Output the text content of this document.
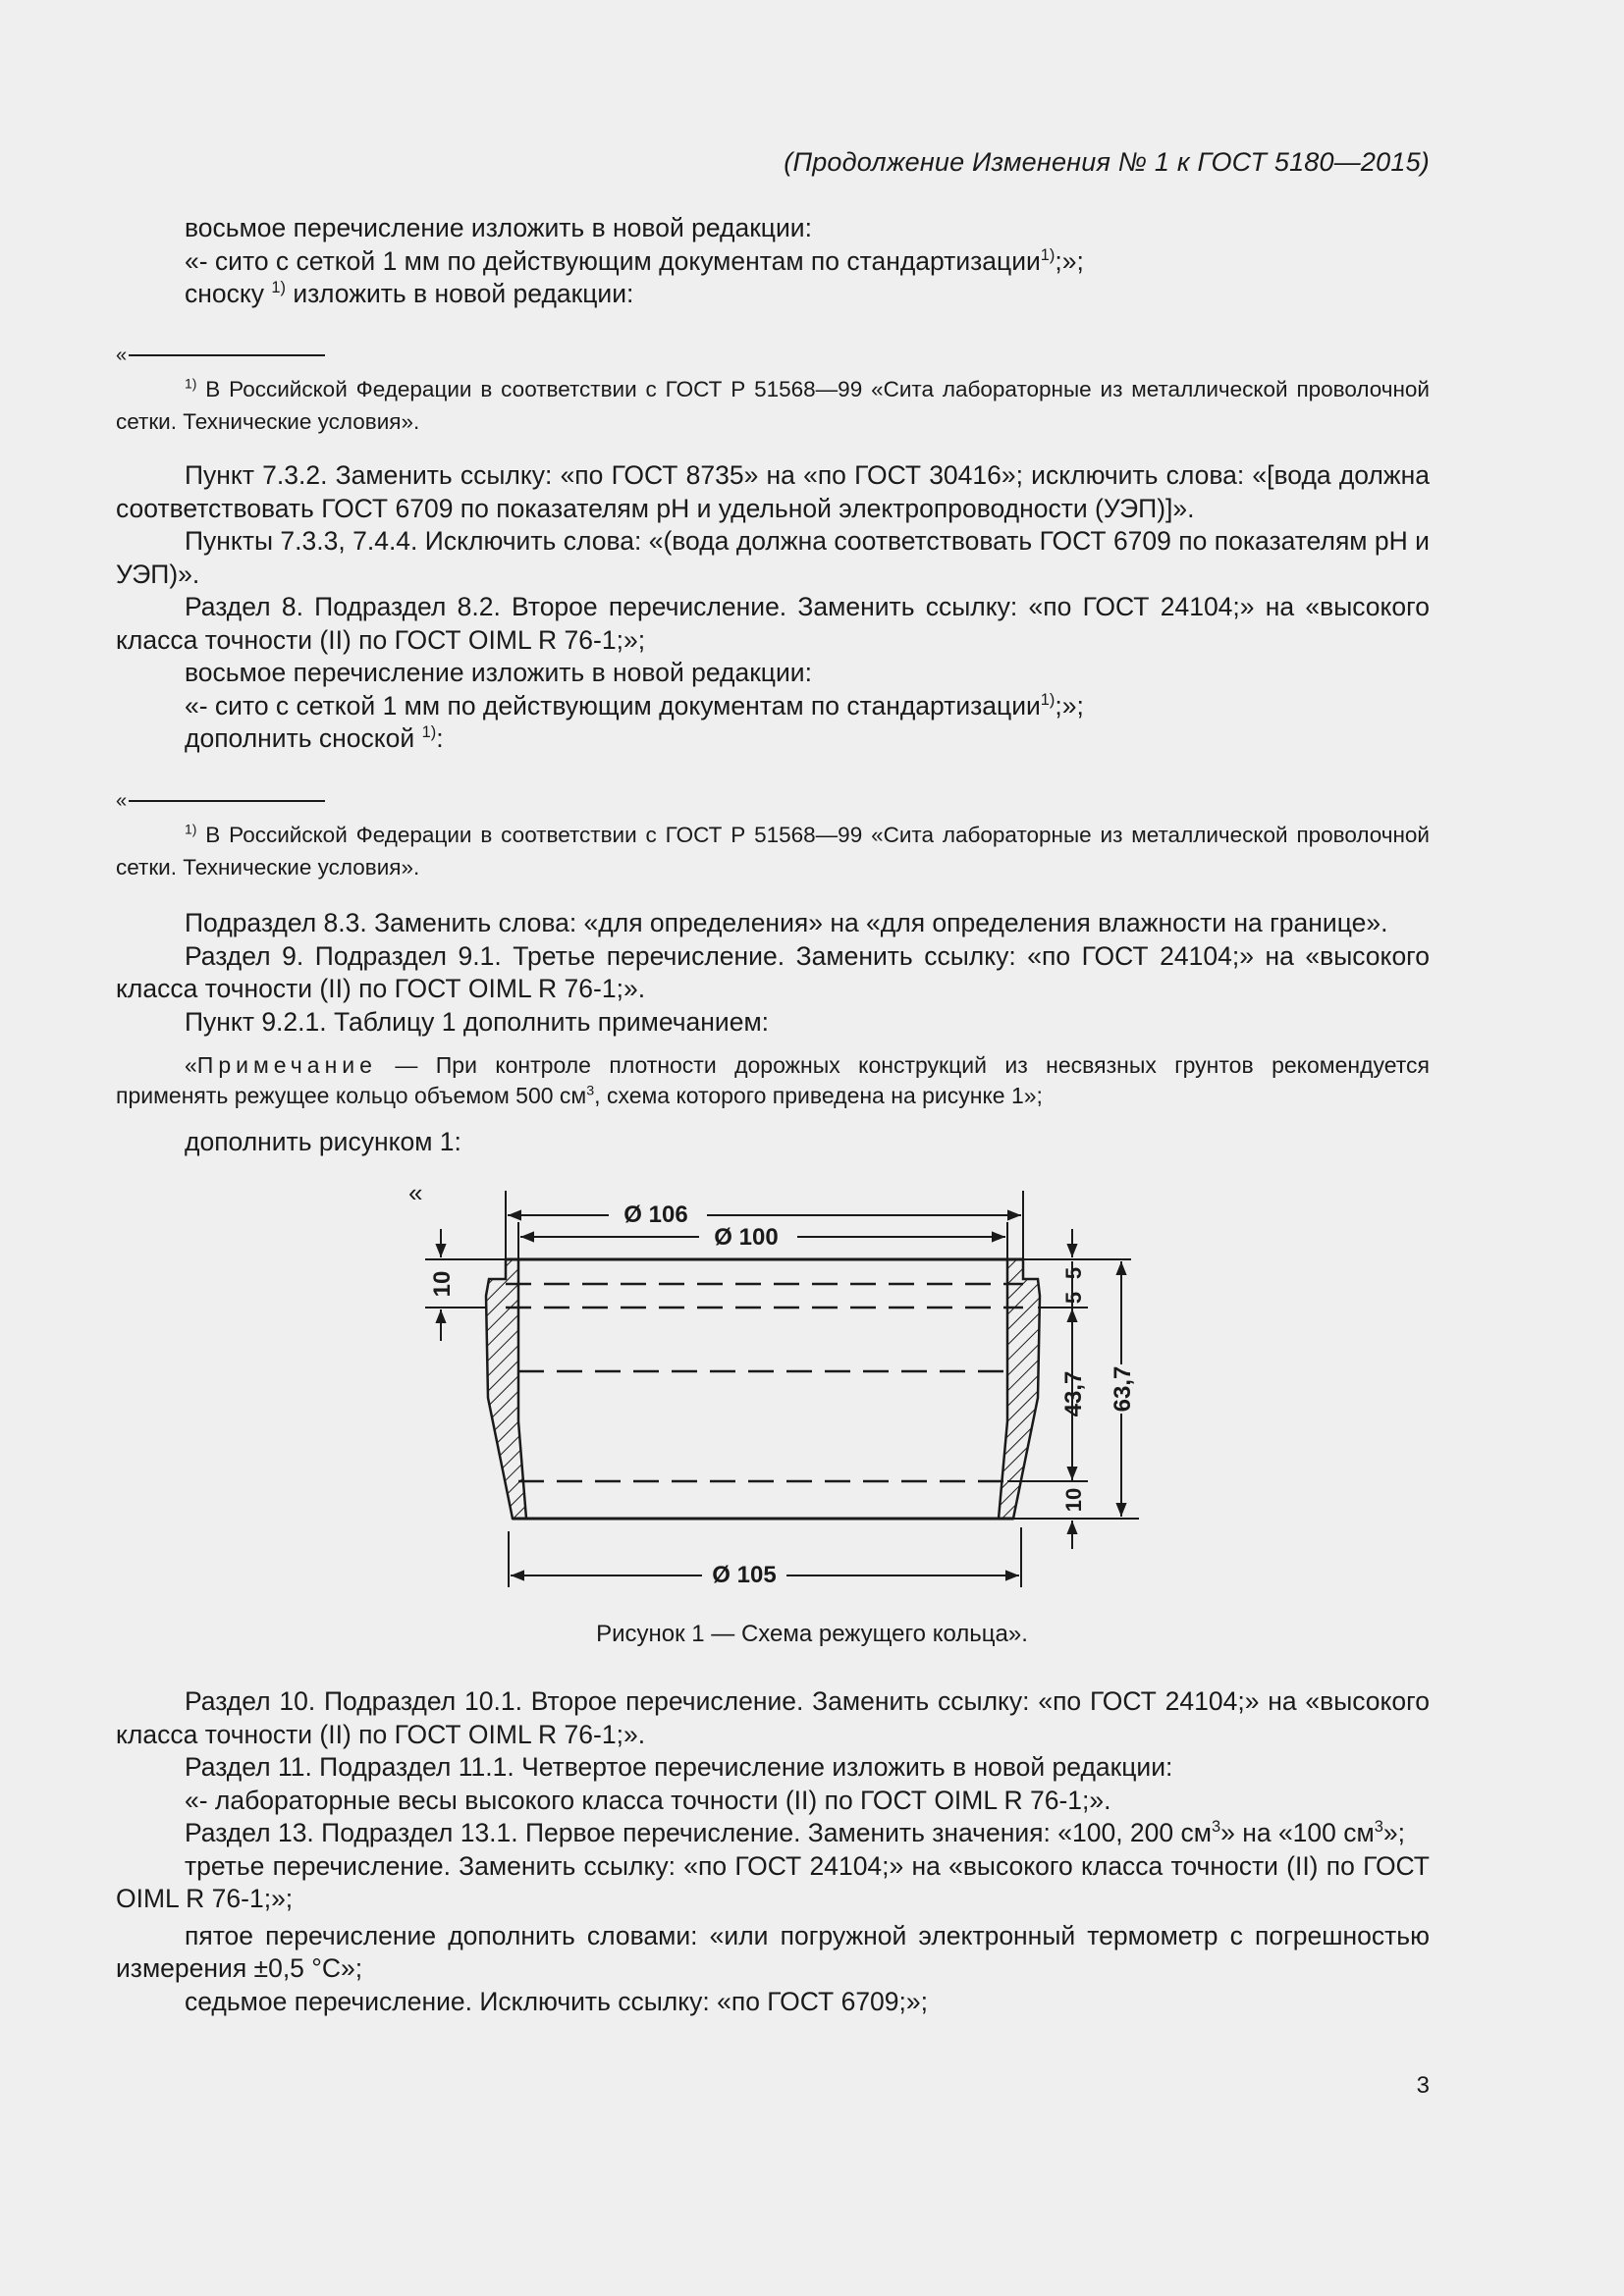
(Продолжение Изменения № 1 к ГОСТ 5180—2015)
восьмое перечисление изложить в новой редакции:
«- сито с сеткой 1 мм по действующим документам по стандартизации$^{1)}$;»;
сноску $^{1)}$ изложить в новой редакции:
«
$^{1)}$ В Российской Федерации в соответствии с ГОСТ Р 51568—99 «Сита лабораторные из металлической проволочной сетки. Технические условия».
Пункт 7.3.2. Заменить ссылку: «по ГОСТ 8735» на «по ГОСТ 30416»; исключить слова: «[вода должна соответствовать ГОСТ 6709 по показателям pH и удельной электропроводности (УЭП)]».
Пункты 7.3.3, 7.4.4. Исключить слова: «(вода должна соответствовать ГОСТ 6709 по показателям pH и УЭП)».
Раздел 8. Подраздел 8.2. Второе перечисление. Заменить ссылку: «по ГОСТ 24104;» на «высокого класса точности (II) по ГОСТ OIML R 76-1;»;
восьмое перечисление изложить в новой редакции:
«- сито с сеткой 1 мм по действующим документам по стандартизации$^{1)}$;»;
дополнить сноской $^{1)}$:
«
$^{1)}$ В Российской Федерации в соответствии с ГОСТ Р 51568—99 «Сита лабораторные из металлической проволочной сетки. Технические условия».
Подраздел 8.3. Заменить слова: «для определения» на «для определения влажности на границе».
Раздел 9. Подраздел 9.1. Третье перечисление. Заменить ссылку: «по ГОСТ 24104;» на «высокого класса точности (II) по ГОСТ OIML R 76-1;».
Пункт 9.2.1. Таблицу 1 дополнить примечанием:
«Примечание — При контроле плотности дорожных конструкций из несвязных грунтов рекомендуется применять режущее кольцо объемом 500 $см^3$, схема которого приведена на рисунке 1»;
дополнить рисунком 1:
«
Ø 106
Ø 100
Ø 105
10	5
5
43,7
10
63,7
Рисунок 1 — Схема режущего кольца».
Раздел 10. Подраздел 10.1. Второе перечисление. Заменить ссылку: «по ГОСТ 24104;» на «высокого класса точности (II) по ГОСТ OIML R 76-1;».
Раздел 11. Подраздел 11.1. Четвертое перечисление изложить в новой редакции:
«- лабораторные весы высокого класса точности (II) по ГОСТ OIML R 76-1;».
Раздел 13. Подраздел 13.1. Первое перечисление. Заменить значения: «100, 200 $см^3$» на «100 $см^3$»;
третье перечисление. Заменить ссылку: «по ГОСТ 24104;» на «высокого класса точности (II) по ГОСТ OIML R 76-1;»;
пятое перечисление дополнить словами: «или погружной электронный термометр с погрешностью измерения ±0,5 °С»;
седьмое перечисление. Исключить ссылку: «по ГОСТ 6709;»;
3
